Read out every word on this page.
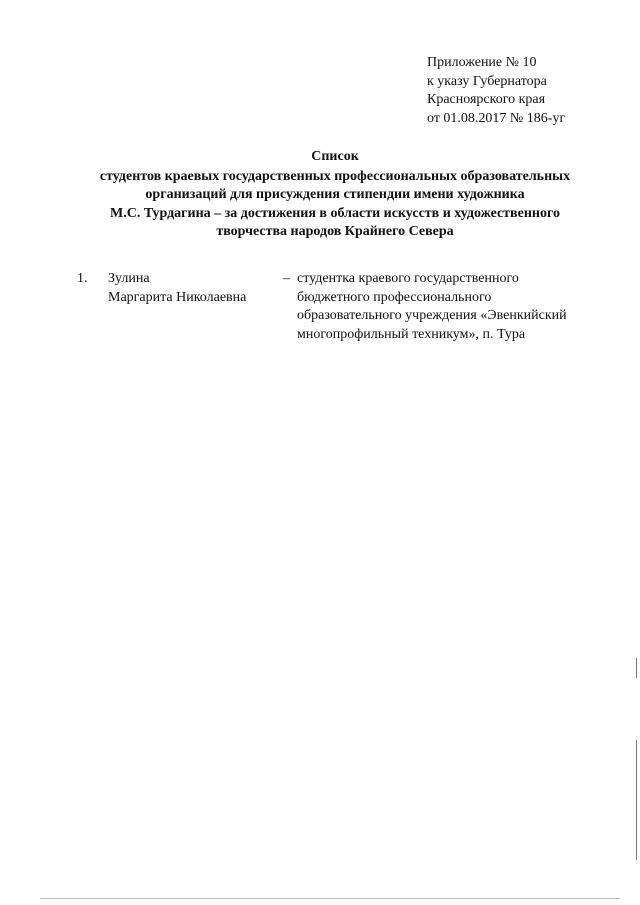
Приложение № 10
к указу Губернатора
Красноярского края
от 01.08.2017 № 186-уг
Список
студентов краевых государственных профессиональных образовательных
организаций для присуждения стипендии имени художника
М.С. Турдагина – за достижения в области искусств и художественного
творчества народов Крайнего Севера
1. Зулина
Маргарита Николаевна
– студентка краевого государственного
бюджетного профессионального
образовательного учреждения «Эвенкийский
многопрофильный техникум», п. Тура
